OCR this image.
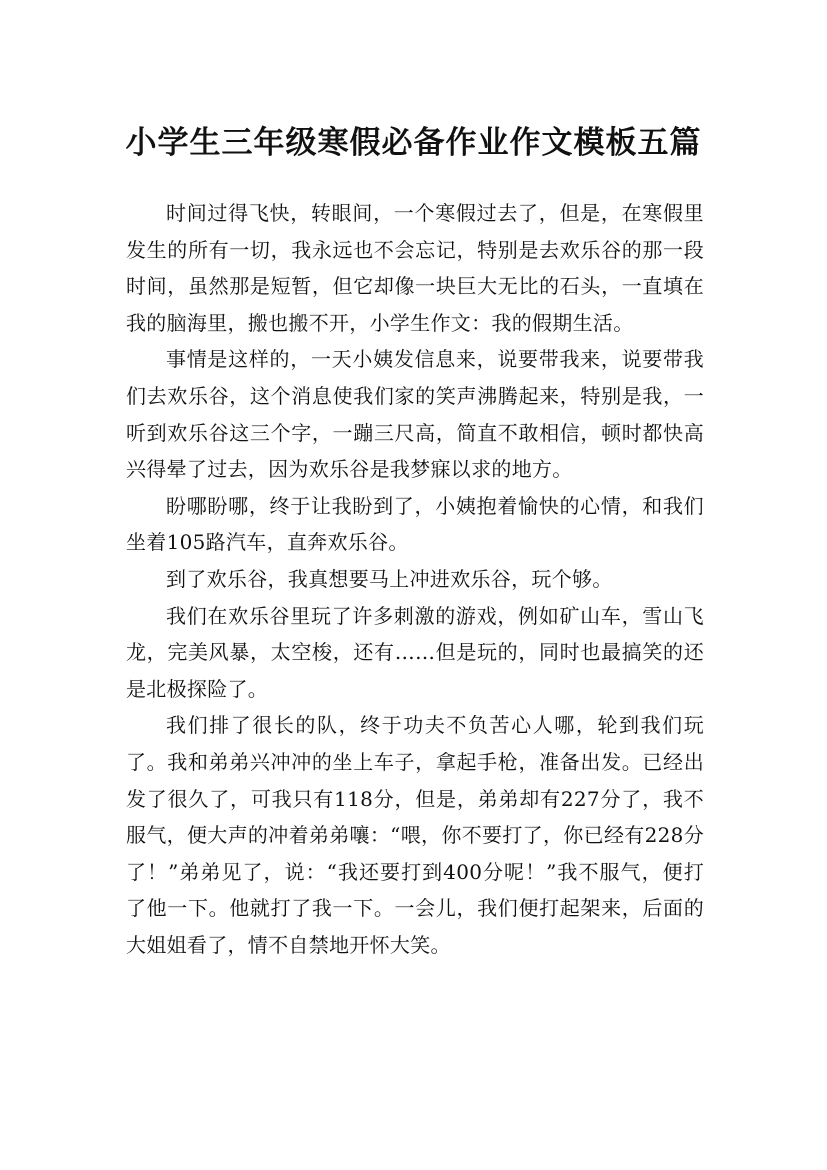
小学生三年级寒假必备作业作文模板五篇

时间过得飞快，转眼间，一个寒假过去了，但是，在寒假里发生的所有一切，我永远也不会忘记，特别是去欢乐谷的那一段时间，虽然那是短暂，但它却像一块巨大无比的石头，一直填在我的脑海里，搬也搬不开，小学生作文：我的假期生活。

事情是这样的，一天小姨发信息来，说要带我来，说要带我们去欢乐谷，这个消息使我们家的笑声沸腾起来，特别是我，一听到欢乐谷这三个字，一蹦三尺高，简直不敢相信，顿时都快高兴得晕了过去，因为欢乐谷是我梦寐以求的地方。

盼哪盼哪，终于让我盼到了，小姨抱着愉快的心情，和我们坐着105路汽车，直奔欢乐谷。

到了欢乐谷，我真想要马上冲进欢乐谷，玩个够。

我们在欢乐谷里玩了许多刺激的游戏，例如矿山车，雪山飞龙，完美风暴，太空梭，还有……但是玩的，同时也最搞笑的还是北极探险了。

我们排了很长的队，终于功夫不负苦心人哪，轮到我们玩了。我和弟弟兴冲冲的坐上车子，拿起手枪，准备出发。已经出发了很久了，可我只有118分，但是，弟弟却有227分了，我不服气，便大声的冲着弟弟嚷：“喂，你不要打了，你已经有228分了！”弟弟见了，说：“我还要打到400分呢！”我不服气，便打了他一下。他就打了我一下。一会儿，我们便打起架来，后面的大姐姐看了，情不自禁地开怀大笑。
